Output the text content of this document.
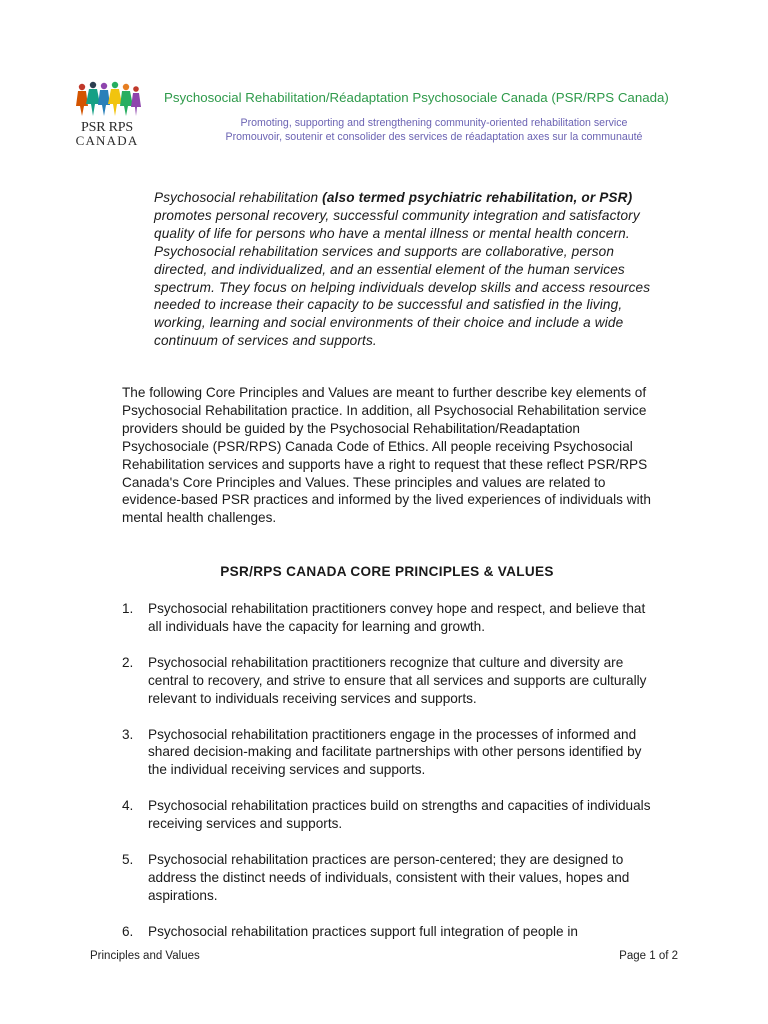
PSR RPS
CANADA
Psychosocial Rehabilitation/Réadaptation Psychosociale Canada (PSR/RPS Canada)
Promoting, supporting and strengthening community-oriented rehabilitation service
Promouvoir, soutenir et consolider des services de réadaptation axes sur la communauté

Psychosocial rehabilitation (also termed psychiatric rehabilitation, or PSR) promotes personal recovery, successful community integration and satisfactory quality of life for persons who have a mental illness or mental health concern. Psychosocial rehabilitation services and supports are collaborative, person directed, and individualized, and an essential element of the human services spectrum. They focus on helping individuals develop skills and access resources needed to increase their capacity to be successful and satisfied in the living, working, learning and social environments of their choice and include a wide continuum of services and supports.

The following Core Principles and Values are meant to further describe key elements of Psychosocial Rehabilitation practice. In addition, all Psychosocial Rehabilitation service providers should be guided by the Psychosocial Rehabilitation/Readaptation Psychosociale (PSR/RPS) Canada Code of Ethics. All people receiving Psychosocial Rehabilitation services and supports have a right to request that these reflect PSR/RPS Canada's Core Principles and Values. These principles and values are related to evidence-based PSR practices and informed by the lived experiences of individuals with mental health challenges.

PSR/RPS CANADA CORE PRINCIPLES & VALUES

1. Psychosocial rehabilitation practitioners convey hope and respect, and believe that all individuals have the capacity for learning and growth.
2. Psychosocial rehabilitation practitioners recognize that culture and diversity are central to recovery, and strive to ensure that all services and supports are culturally relevant to individuals receiving services and supports.
3. Psychosocial rehabilitation practitioners engage in the processes of informed and shared decision-making and facilitate partnerships with other persons identified by the individual receiving services and supports.
4. Psychosocial rehabilitation practices build on strengths and capacities of individuals receiving services and supports.
5. Psychosocial rehabilitation practices are person-centered; they are designed to address the distinct needs of individuals, consistent with their values, hopes and aspirations.
6. Psychosocial rehabilitation practices support full integration of people in
Principles and Values	Page 1 of 2
